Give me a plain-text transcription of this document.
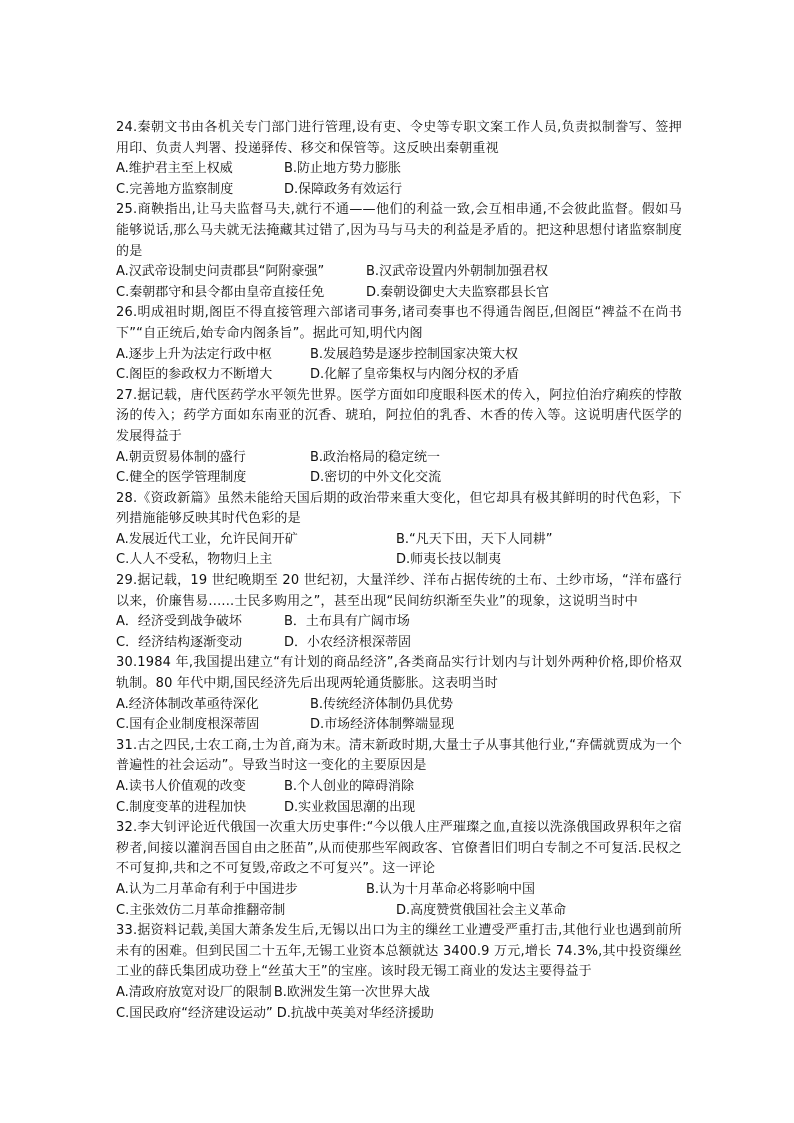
24.秦朝文书由各机关专门部门进行管理,设有吏、令史等专职文案工作人员,负责拟制誊写、签押用印、负责人判署、投递驿传、移交和保管等。这反映出秦朝重视

A.维护君主至上权威	B.防止地方势力膨胀
C.完善地方监察制度	D.保障政务有效运行

25.商鞅指出,让马夫监督马夫,就行不通——他们的利益一致,会互相串通,不会彼此监督。假如马能够说话,那么马夫就无法掩藏其过错了,因为马与马夫的利益是矛盾的。把这种思想付诸监察制度的是

A.汉武帝设制史问责郡县“阿附豪强”	B.汉武帝设置内外朝制加强君权
C.秦朝郡守和县令都由皇帝直接任免	D.秦朝设御史大夫监察郡县长官

26.明成祖时期,阁臣不得直接管理六部诸司事务,诸司奏事也不得通告阁臣,但阁臣“裨益不在尚书下”“自正统后,始专命内阁条旨”。据此可知,明代内阁

A.逐步上升为法定行政中枢	B.发展趋势是逐步控制国家决策大权
C.阁臣的参政权力不断增大	D.化解了皇帝集权与内阁分权的矛盾

27.据记载，唐代医药学水平领先世界。医学方面如印度眼科医术的传入，阿拉伯治疗痢疾的悖散汤的传入；药学方面如东南亚的沉香、琥珀，阿拉伯的乳香、木香的传入等。这说明唐代医学的发展得益于

A.朝贡贸易体制的盛行	B.政治格局的稳定统一
C.健全的医学管理制度	D.密切的中外文化交流

28.《资政新篇》虽然未能给天国后期的政治带来重大变化，但它却具有极其鲜明的时代色彩，下列措施能够反映其时代色彩的是

A.发展近代工业，允许民间开矿	B.“凡天下田，天下人同耕”
C.人人不受私，物物归上主	D.师夷长技以制夷

29.据记载，19 世纪晚期至 20 世纪初，大量洋纱、洋布占据传统的土布、土纱市场，“洋布盛行以来，价廉售易......士民多购用之”，甚至出现“民间纺织渐至失业”的现象，这说明当时中

A．经济受到战争破坏	B．土布具有广阔市场
C．经济结构逐渐变动	D．小农经济根深蒂固

30.1984 年,我国提出建立“有计划的商品经济”,各类商品实行计划内与计划外两种价格,即价格双轨制。80 年代中期,国民经济先后出现两轮通货膨胀。这表明当时

A.经济体制改革亟待深化	B.传统经济体制仍具优势
C.国有企业制度根深蒂固	D.市场经济体制弊端显现

31.古之四民,士农工商,士为首,商为末。清末新政时期,大量士子从事其他行业,“弃儒就贾成为一个普遍性的社会运动”。导致当时这一变化的主要原因是

A.读书人价值观的改变	B.个人创业的障碍消除
C.制度变革的进程加快	D.实业救国思潮的出现

32.李大钊评论近代俄国一次重大历史事件:“今以俄人庄严璀璨之血,直接以洗涤俄国政界积年之宿秽者,间接以灌润吾国自由之胚苗”,从而使那些军阀政客、官僚耆旧们明白专制之不可复活.民权之不可复抑,共和之不可复毁,帝政之不可复兴”。这一评论

A.认为二月革命有利于中国进步	B.认为十月革命必将影响中国
C.主张效仿二月革命推翻帝制	D.高度赞赏俄国社会主义革命

33.据资料记载,美国大萧条发生后,无锡以出口为主的缫丝工业遭受严重打击,其他行业也遇到前所未有的困难。但到民国二十五年,无锡工业资本总额就达 3400.9 万元,增长 74.3%,其中投资缫丝工业的薛氏集团成功登上“丝茧大王”的宝座。该时段无锡工商业的发达主要得益于

A.清政府放宽对设厂的限制 B.欧洲发生第一次世界大战
C.国民政府“经济建设运动” D.抗战中英美对华经济援助
